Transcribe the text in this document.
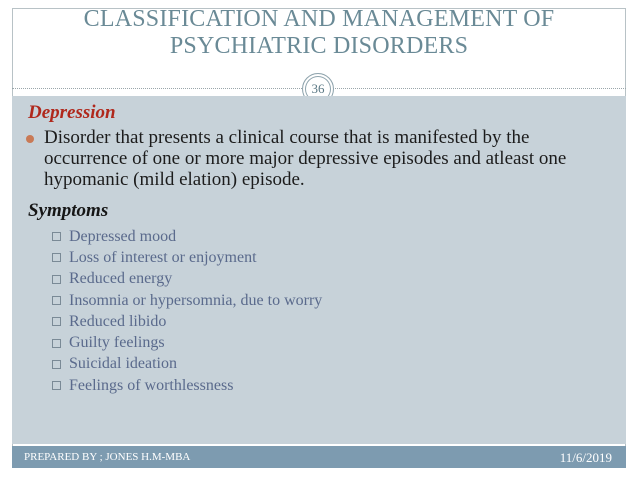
CLASSIFICATION AND MANAGEMENT OF
PSYCHIATRIC DISORDERS
36
Depression
Disorder that presents a clinical course that is manifested by the occurrence of one or more major depressive episodes and atleast one hypomanic (mild elation) episode.
Symptoms
Depressed mood
Loss of interest or enjoyment
Reduced energy
Insomnia or hypersomnia, due to worry
Reduced libido
Guilty feelings
Suicidal ideation
Feelings of worthlessness
PREPARED BY ; JONES H.M-MBA	11/6/2019
